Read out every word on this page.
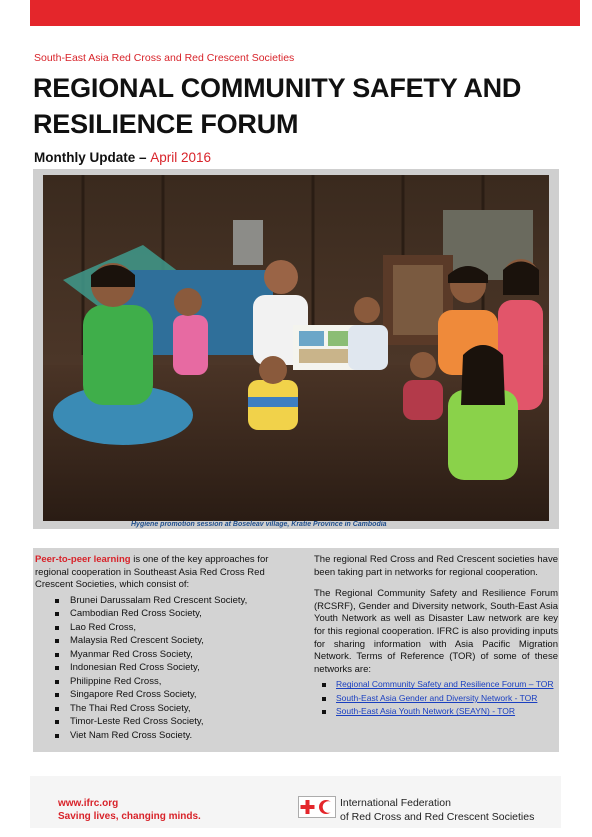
South-East Asia Red Cross and Red Crescent Societies
REGIONAL COMMUNITY SAFETY AND RESILIENCE FORUM
Monthly Update – April 2016
Hygiene promotion session at Boseleav village, Kratie Province in Cambodia
Peer-to-peer learning is one of the key approaches for regional cooperation in Southeast Asia Red Cross Red Crescent Societies, which consist of:
Brunei Darussalam Red Crescent Society,
Cambodian Red Cross Society,
Lao Red Cross,
Malaysia Red Crescent Society,
Myanmar Red Cross Society,
Indonesian Red Cross Society,
Philippine Red Cross,
Singapore Red Cross Society,
The Thai Red Cross Society,
Timor-Leste Red Cross Society,
Viet Nam Red Cross Society.

The regional Red Cross and Red Crescent societies have been taking part in networks for regional cooperation.

The Regional Community Safety and Resilience Forum (RCSRF), Gender and Diversity network, South-East Asia Youth Network as well as Disaster Law network are key for this regional cooperation. IFRC is also providing inputs for sharing information with Asia Pacific Migration Network. Terms of Reference (TOR) of some of these networks are:

Regional Community Safety and Resilience Forum – TOR
South-East Asia Gender and Diversity Network - TOR
South-East Asia Youth Network (SEAYN) - TOR
www.ifrc.org
Saving lives, changing minds.
International Federation
of Red Cross and Red Crescent Societies
